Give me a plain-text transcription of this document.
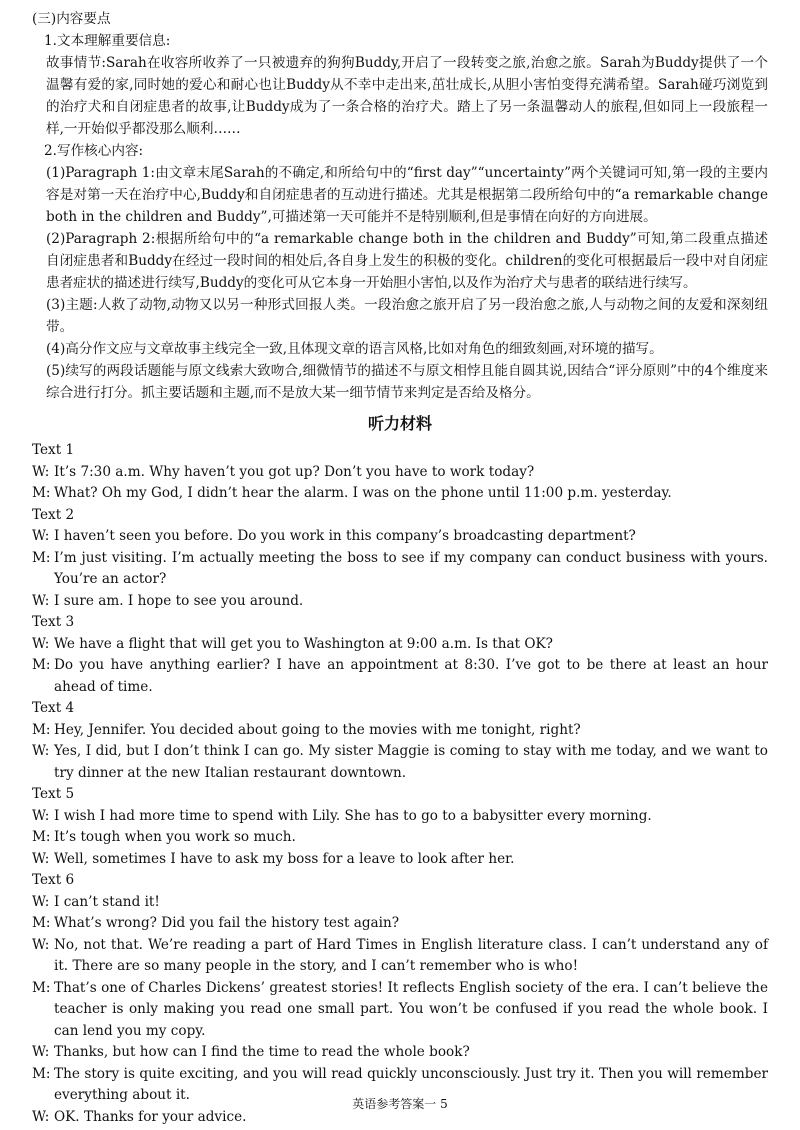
(三)内容要点
1.文本理解重要信息:
故事情节:Sarah在收容所收养了一只被遗弃的狗狗Buddy,开启了一段转变之旅,治愈之旅。Sarah为Buddy提供了一个温馨有爱的家,同时她的爱心和耐心也让Buddy从不幸中走出来,茁壮成长,从胆小害怕变得充满希望。Sarah碰巧浏览到的治疗犬和自闭症患者的故事,让Buddy成为了一条合格的治疗犬。踏上了另一条温馨动人的旅程,但如同上一段旅程一样,一开始似乎都没那么顺利……
2.写作核心内容:
(1)Paragraph 1:由文章末尾Sarah的不确定,和所给句中的“first day”“uncertainty”两个关键词可知,第一段的主要内容是对第一天在治疗中心,Buddy和自闭症患者的互动进行描述。尤其是根据第二段所给句中的“a remarkable change both in the children and Buddy”,可描述第一天可能并不是特别顺利,但是事情在向好的方向进展。
(2)Paragraph 2:根据所给句中的“a remarkable change both in the children and Buddy”可知,第二段重点描述自闭症患者和Buddy在经过一段时间的相处后,各自身上发生的积极的变化。children的变化可根据最后一段中对自闭症患者症状的描述进行续写,Buddy的变化可从它本身一开始胆小害怕,以及作为治疗犬与患者的联结进行续写。
(3)主题:人救了动物,动物又以另一种形式回报人类。一段治愈之旅开启了另一段治愈之旅,人与动物之间的友爱和深刻纽带。
(4)高分作文应与文章故事主线完全一致,且体现文章的语言风格,比如对角色的细致刻画,对环境的描写。
(5)续写的两段话题能与原文线索大致吻合,细微情节的描述不与原文相悖且能自圆其说,因结合“评分原则”中的4个维度来综合进行打分。抓主要话题和主题,而不是放大某一细节情节来判定是否给及格分。
听力材料
Text 1
W: It’s 7:30 a.m. Why haven’t you got up? Don’t you have to work today?
M: What? Oh my God, I didn’t hear the alarm. I was on the phone until 11:00 p.m. yesterday.
Text 2
W: I haven’t seen you before. Do you work in this company’s broadcasting department?
M: I’m just visiting. I’m actually meeting the boss to see if my company can conduct business with yours. You’re an actor?
W: I sure am. I hope to see you around.
Text 3
W: We have a flight that will get you to Washington at 9:00 a.m. Is that OK?
M: Do you have anything earlier? I have an appointment at 8:30. I’ve got to be there at least an hour ahead of time.
Text 4
M: Hey, Jennifer. You decided about going to the movies with me tonight, right?
W: Yes, I did, but I don’t think I can go. My sister Maggie is coming to stay with me today, and we want to try dinner at the new Italian restaurant downtown.
Text 5
W: I wish I had more time to spend with Lily. She has to go to a babysitter every morning.
M: It’s tough when you work so much.
W: Well, sometimes I have to ask my boss for a leave to look after her.
Text 6
W: I can’t stand it!
M: What’s wrong? Did you fail the history test again?
W: No, not that. We’re reading a part of Hard Times in English literature class. I can’t understand any of it. There are so many people in the story, and I can’t remember who is who!
M: That’s one of Charles Dickens’ greatest stories! It reflects English society of the era. I can’t believe the teacher is only making you read one small part. You won’t be confused if you read the whole book. I can lend you my copy.
W: Thanks, but how can I find the time to read the whole book?
M: The story is quite exciting, and you will read quickly unconsciously. Just try it. Then you will remember everything about it.
W: OK. Thanks for your advice.
英语参考答案一 5
